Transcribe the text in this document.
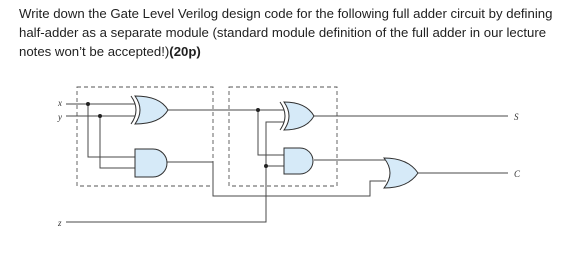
Write down the Gate Level Verilog design code for the following full adder circuit by defining half-adder as a separate module (standard module definition of the full adder in our lecture notes won’t be accepted!)(20p)
x
y
z
S
C
